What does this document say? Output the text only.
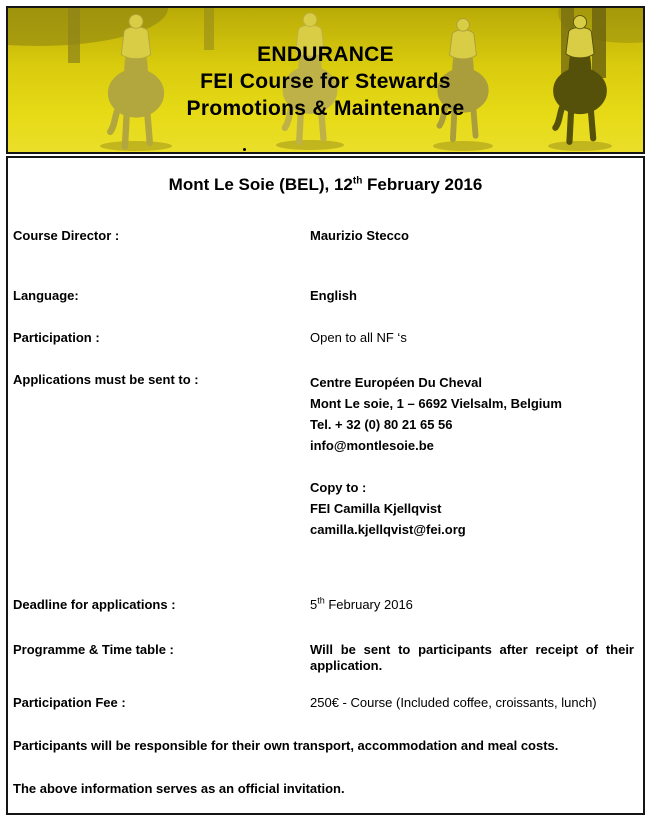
ENDURANCE
FEI Course for Stewards
Promotions & Maintenance
Mont Le Soie (BEL), 12th February 2016
Course Director :	Maurizio Stecco
Language:	English
Participation :	Open to all NF ‘s
Applications must be sent to :	Centre Européen Du Cheval
Mont Le soie, 1 – 6692 Vielsalm, Belgium
Tel. + 32 (0) 80 21 65 56
info@montlesoie.be
Copy to :
FEI Camilla Kjellqvist
camilla.kjellqvist@fei.org
Deadline for applications :	5th February 2016
Programme & Time table :	Will be sent to participants after receipt of their application.
Participation Fee :	250€ - Course (Included coffee, croissants, lunch)
Participants will be responsible for their own transport, accommodation and meal costs.
The above information serves as an official invitation.
